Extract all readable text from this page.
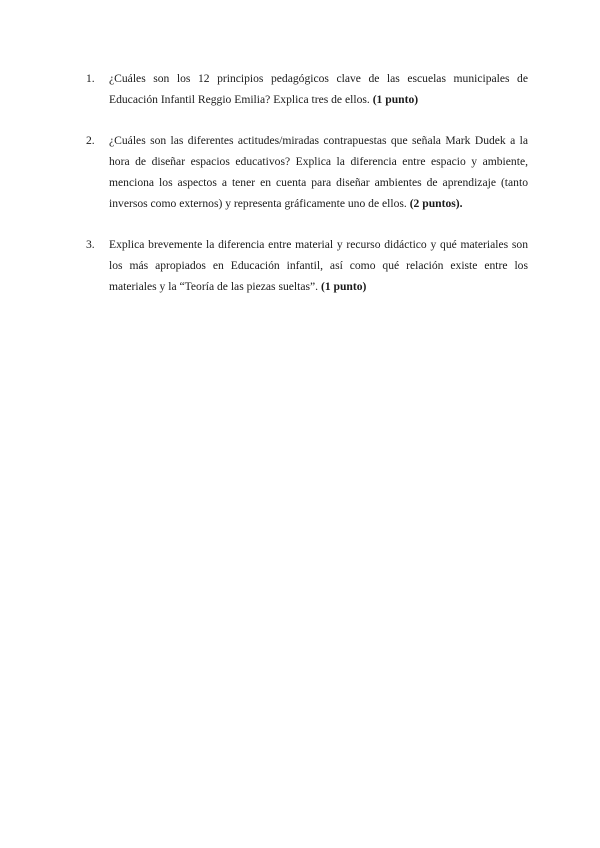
1. ¿Cuáles son los 12 principios pedagógicos clave de las escuelas municipales de Educación Infantil Reggio Emilia? Explica tres de ellos. (1 punto)
2. ¿Cuáles son las diferentes actitudes/miradas contrapuestas que señala Mark Dudek a la hora de diseñar espacios educativos? Explica la diferencia entre espacio y ambiente, menciona los aspectos a tener en cuenta para diseñar ambientes de aprendizaje (tanto inversos como externos) y representa gráficamente uno de ellos. (2 puntos).
3. Explica brevemente la diferencia entre material y recurso didáctico y qué materiales son los más apropiados en Educación infantil, así como qué relación existe entre los materiales y la “Teoría de las piezas sueltas”. (1 punto)
